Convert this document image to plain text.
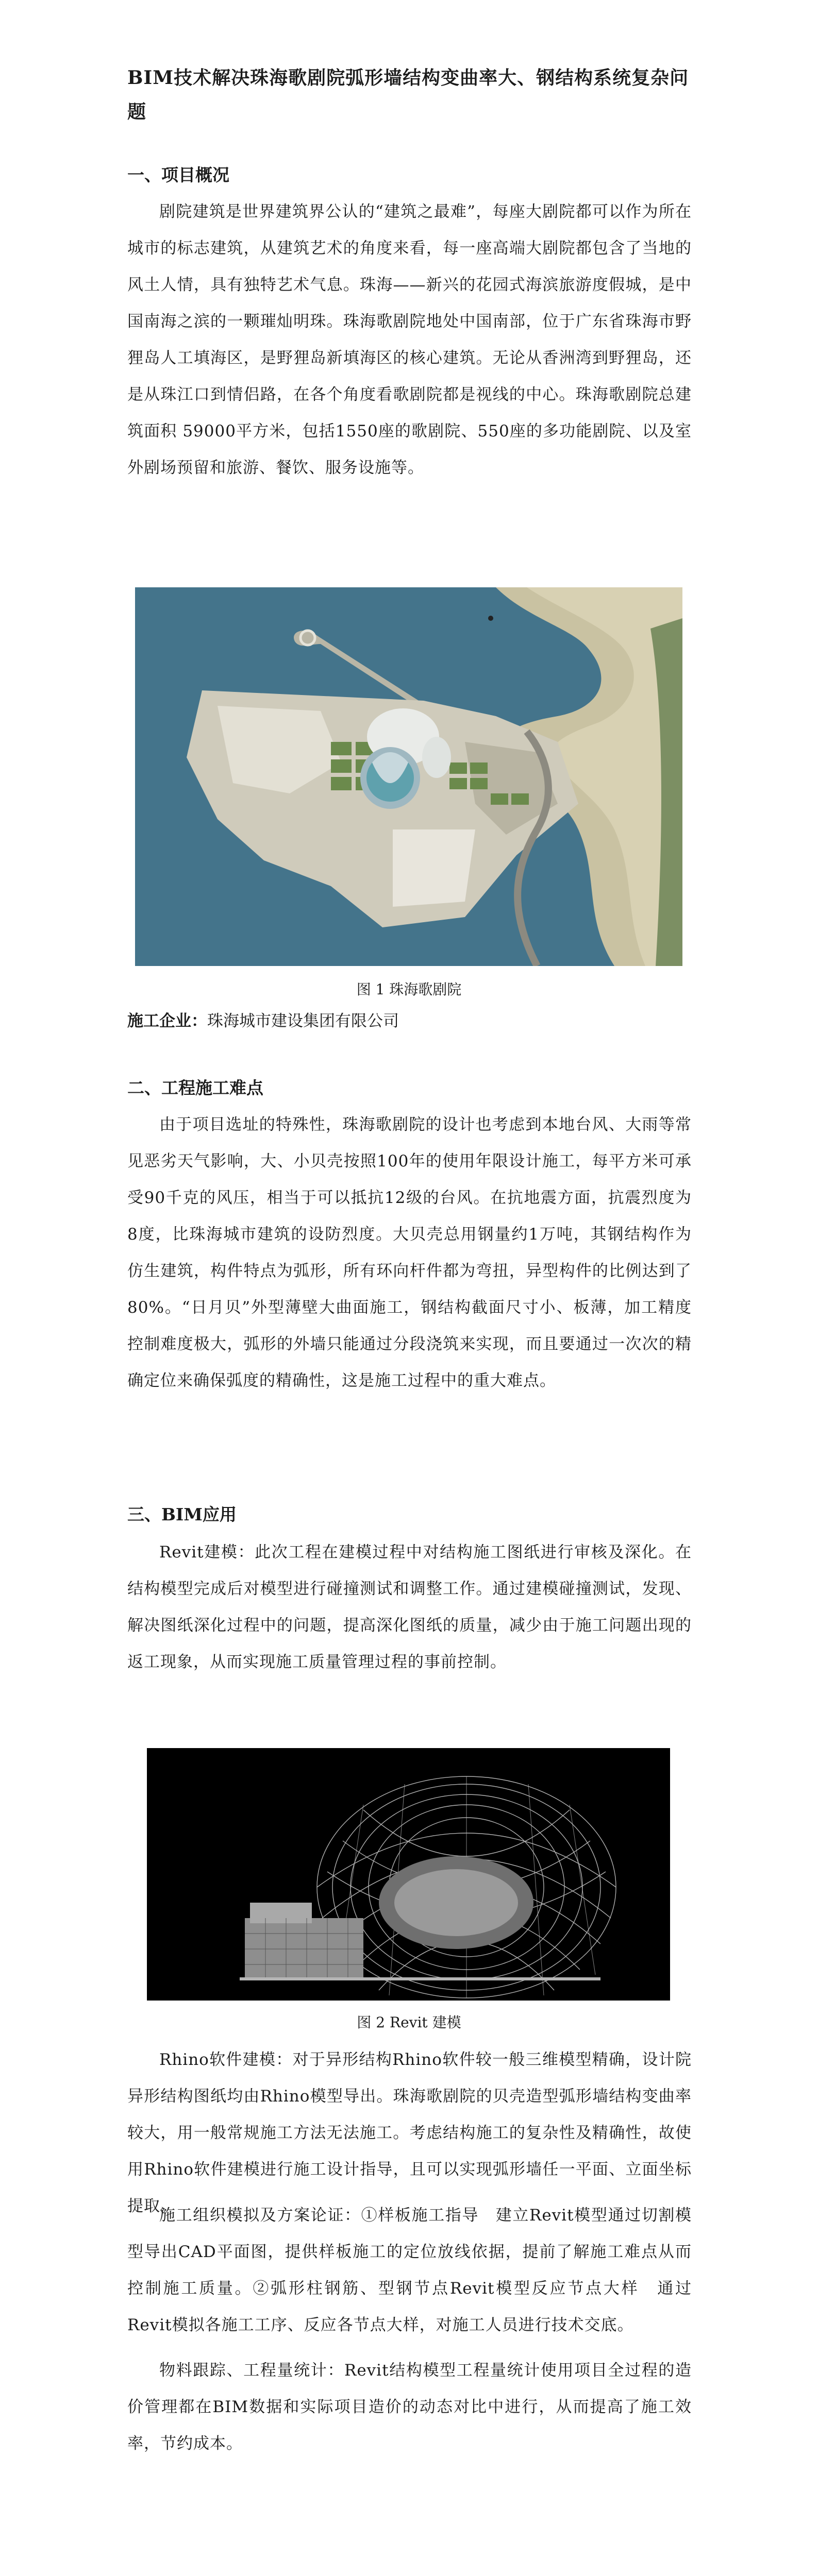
BIM技术解决珠海歌剧院弧形墙结构变曲率大、钢结构系统复杂问题
一、项目概况
剧院建筑是世界建筑界公认的“建筑之最难”，每座大剧院都可以作为所在城市的标志建筑，从建筑艺术的角度来看，每一座高端大剧院都包含了当地的风土人情，具有独特艺术气息。珠海——新兴的花园式海滨旅游度假城，是中国南海之滨的一颗璀灿明珠。珠海歌剧院地处中国南部，位于广东省珠海市野狸岛人工填海区，是野狸岛新填海区的核心建筑。无论从香洲湾到野狸岛，还是从珠江口到情侣路，在各个角度看歌剧院都是视线的中心。珠海歌剧院总建筑面积 59000平方米，包括1550座的歌剧院、550座的多功能剧院、以及室外剧场预留和旅游、餐饮、服务设施等。
图 1 珠海歌剧院
施工企业：珠海城市建设集团有限公司
二、工程施工难点
由于项目选址的特殊性，珠海歌剧院的设计也考虑到本地台风、大雨等常见恶劣天气影响，大、小贝壳按照100年的使用年限设计施工，每平方米可承受90千克的风压，相当于可以抵抗12级的台风。在抗地震方面，抗震烈度为8度，比珠海城市建筑的设防烈度。大贝壳总用钢量约1万吨，其钢结构作为仿生建筑，构件特点为弧形，所有环向杆件都为弯扭，异型构件的比例达到了80%。“日月贝”外型薄壁大曲面施工，钢结构截面尺寸小、板薄，加工精度控制难度极大，弧形的外墙只能通过分段浇筑来实现，而且要通过一次次的精确定位来确保弧度的精确性，这是施工过程中的重大难点。
三、BIM应用
Revit建模：此次工程在建模过程中对结构施工图纸进行审核及深化。在结构模型完成后对模型进行碰撞测试和调整工作。通过建模碰撞测试，发现、解决图纸深化过程中的问题，提高深化图纸的质量，减少由于施工问题出现的返工现象，从而实现施工质量管理过程的事前控制。
图 2 Revit 建模
Rhino软件建模：对于异形结构Rhino软件较一般三维模型精确，设计院异形结构图纸均由Rhino模型导出。珠海歌剧院的贝壳造型弧形墙结构变曲率较大，用一般常规施工方法无法施工。考虑结构施工的复杂性及精确性，故使用Rhino软件建模进行施工设计指导，且可以实现弧形墙任一平面、立面坐标提取。
施工组织模拟及方案论证：①样板施工指导　建立Revit模型通过切割模型导出CAD平面图，提供样板施工的定位放线依据，提前了解施工难点从而控制施工质量。②弧形柱钢筋、型钢节点Revit模型反应节点大样　通过Revit模拟各施工工序、反应各节点大样，对施工人员进行技术交底。
物料跟踪、工程量统计：Revit结构模型工程量统计使用项目全过程的造价管理都在BIM数据和实际项目造价的动态对比中进行，从而提高了施工效率，节约成本。
